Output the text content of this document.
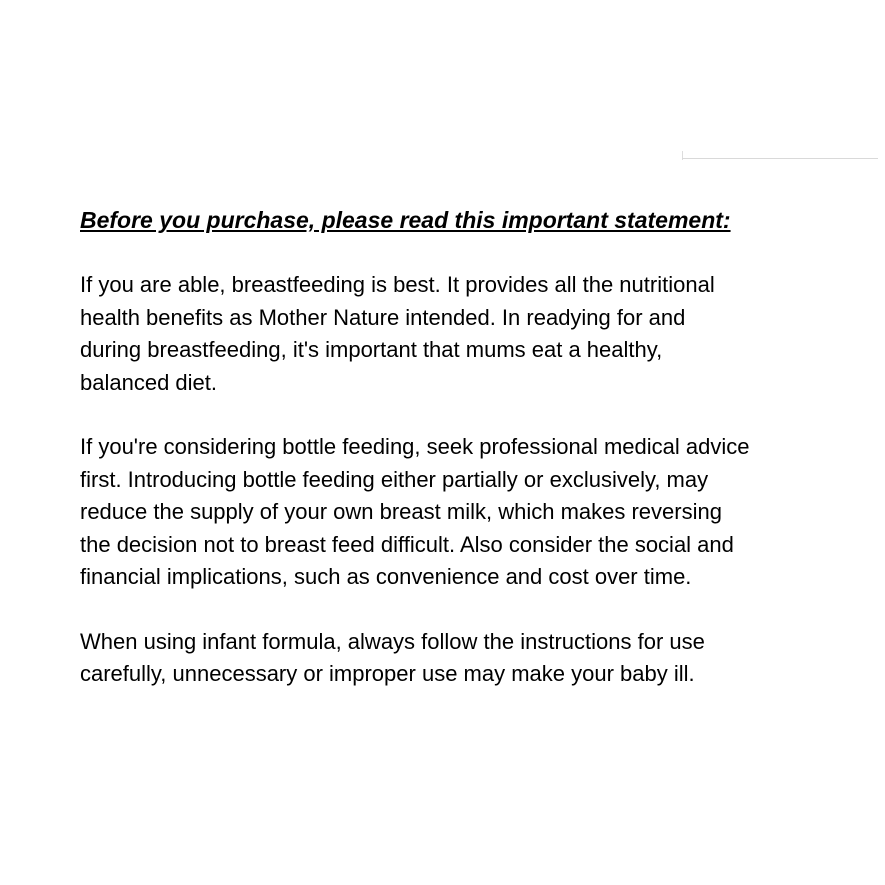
Before you purchase, please read this important statement:
If you are able, breastfeeding is best. It provides all the nutritional
health benefits as Mother Nature intended. In readying for and
during breastfeeding, it's important that mums eat a healthy,
balanced diet.
If you're considering bottle feeding, seek professional medical advice
first. Introducing bottle feeding either partially or exclusively, may
reduce the supply of your own breast milk, which makes reversing
the decision not to breast feed difficult. Also consider the social and
financial implications, such as convenience and cost over time.
When using infant formula, always follow the instructions for use
carefully, unnecessary or improper use may make your baby ill.
